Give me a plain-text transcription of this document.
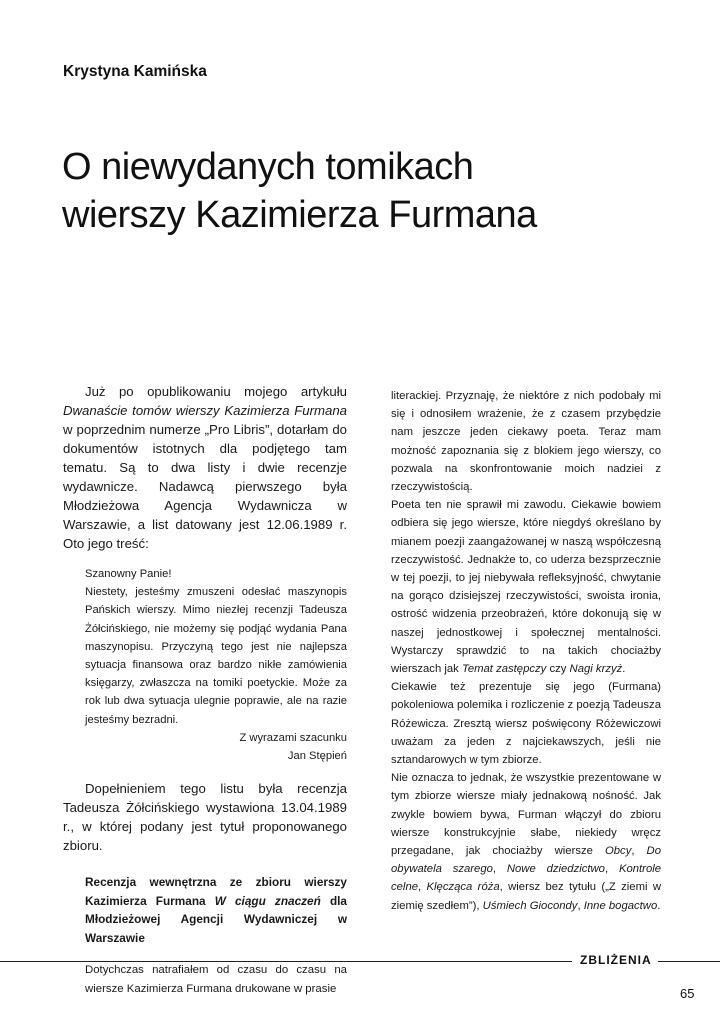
Krystyna Kamińska
O niewydanych tomikach
wierszy Kazimierza Furmana

Już po opublikowaniu mojego artykułu Dwanaście tomów wierszy Kazimierza Furmana w poprzednim numerze „Pro Libris”, dotarłam do dokumentów istotnych dla podjętego tam tematu. Są to dwa listy i dwie recenzje wydawnicze. Nadawcą pierwszego była Młodzieżowa Agencja Wydawnicza w Warszawie, a list datowany jest 12.06.1989 r. Oto jego treść:

Szanowny Panie!

Niestety, jesteśmy zmuszeni odesłać maszynopis Pańskich wierszy. Mimo niezłej recenzji Tadeusza Żółcińskiego, nie możemy się podjąć wydania Pana maszynopisu. Przyczyną tego jest nie najlepsza sytuacja finansowa oraz bardzo nikłe zamówienia księgarzy, zwłaszcza na tomiki poetyckie. Może za rok lub dwa sytuacja ulegnie poprawie, ale na razie jesteśmy bezradni.

Z wyrazami szacunku

Jan Stępień

Dopełnieniem tego listu była recenzja Tadeusza Żółcińskiego wystawiona 13.04.1989 r., w której podany jest tytuł proponowanego zbioru.

Recenzja wewnętrzna ze zbioru wierszy Kazimierza Furmana W ciągu znaczeń dla Młodzieżowej Agencji Wydawniczej w Warszawie

Dotychczas natrafiałem od czasu do czasu na wiersze Kazimierza Furmana drukowane w prasie

literackiej. Przyznaję, że niektóre z nich podobały mi się i odnosiłem wrażenie, że z czasem przybędzie nam jeszcze jeden ciekawy poeta. Teraz mam możność zapoznania się z blokiem jego wierszy, co pozwala na skonfrontowanie moich nadziei z rzeczywistością.

Poeta ten nie sprawił mi zawodu. Ciekawie bowiem odbiera się jego wiersze, które niegdyś określano by mianem poezji zaangażowanej w naszą współczesną rzeczywistość. Jednakże to, co uderza bezsprzecznie w tej poezji, to jej niebywała refleksyjność, chwytanie na gorąco dzisiejszej rzeczywistości, swoista ironia, ostrość widzenia przeobrażeń, które dokonują się w naszej jednostkowej i społecznej mentalności. Wystarczy sprawdzić to na takich chociażby wierszach jak Temat zastępczy czy Nagi krzyż.

Ciekawie też prezentuje się jego (Furmana) pokoleniowa polemika i rozliczenie z poezją Tadeusza Różewicza. Zresztą wiersz poświęcony Różewiczowi uważam za jeden z najciekawszych, jeśli nie sztandarowych w tym zbiorze.

Nie oznacza to jednak, że wszystkie prezentowane w tym zbiorze wiersze miały jednakową nośność. Jak zwykle bowiem bywa, Furman włączył do zbioru wiersze konstrukcyjnie słabe, niekiedy wręcz przegadane, jak chociażby wiersze Obcy, Do obywatela szarego, Nowe dziedzictwo, Kontrole celne, Klęcząca róża, wiersz bez tytułu („Z ziemi w ziemię szedłem”), Uśmiech Giocondy, Inne bogactwo.

ZBLIŻENIA
65
